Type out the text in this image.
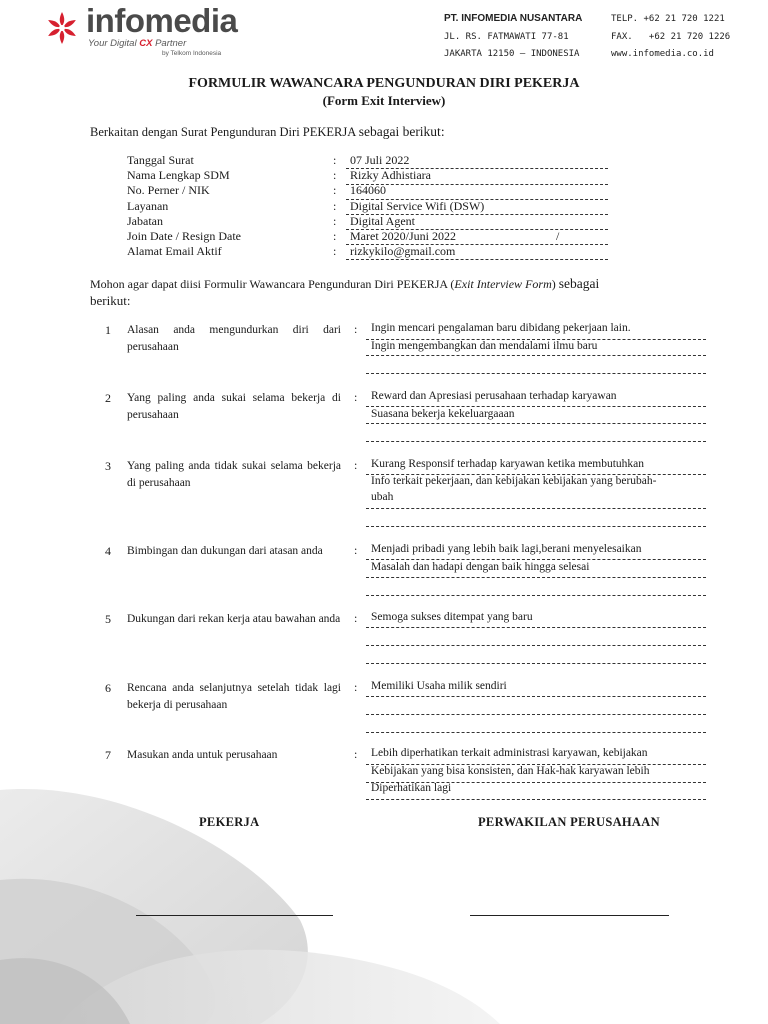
infomedia
Your Digital CX Partner
by Telkom Indonesia
PT. INFOMEDIA NUSANTARA
JL. RS. FATMAWATI 77-81
JAKARTA 12150 – INDONESIA
TELP. +62 21 720 1221
FAX.   +62 21 720 1226
www.infomedia.co.id
FORMULIR WAWANCARA PENGUNDURAN DIRI PEKERJA
(Form Exit Interview)
Berkaitan dengan Surat Pengunduran Diri PEKERJA sebagai berikut:
Tanggal Surat	: 07 Juli 2022
Nama Lengkap SDM	: Rizky Adhistiara
No. Perner / NIK	: 164060
Layanan	: Digital Service Wifi (DSW)
Jabatan	: Digital Agent
Join Date / Resign Date	: Maret 2020/Juni 2022	/
Alamat Email Aktif	: rizkykilo@gmail.com
Mohon agar dapat diisi Formulir Wawancara Pengunduran Diri PEKERJA (Exit Interview Form) sebagai
berikut:
1 Alasan anda mengundurkan diri dari perusahaan
: Ingin mencari pengalaman baru dibidang pekerjaan lain.
Ingin mengembangkan dan mendalami ilmu baru
2 Yang paling anda sukai selama bekerja di perusahaan
: Reward dan Apresiasi perusahaan terhadap karyawan
Suasana bekerja kekeluargaaan
3 Yang paling anda tidak sukai selama bekerja di perusahaan
: Kurang Responsif terhadap karyawan ketika membutuhkan
Info terkait pekerjaan, dan kebijakan kebijakan yang berubah-
ubah
4 Bimbingan dan dukungan dari atasan anda	: Menjadi pribadi yang lebih baik lagi,berani menyelesaikan
Masalah dan hadapi dengan baik hingga selesai
5 Dukungan dari rekan kerja atau bawahan anda : Semoga sukses ditempat yang baru
6 Rencana anda selanjutnya setelah tidak lagi bekerja di perusahaan
: Memiliki Usaha milik sendiri
7 Masukan anda untuk perusahaan	: Lebih diperhatikan terkait administrasi karyawan, kebijakan
Kebijakan yang bisa konsisten, dan Hak-hak karyawan lebih
Diperhatikan lagi
PEKERJA	PERWAKILAN PERUSAHAAN
